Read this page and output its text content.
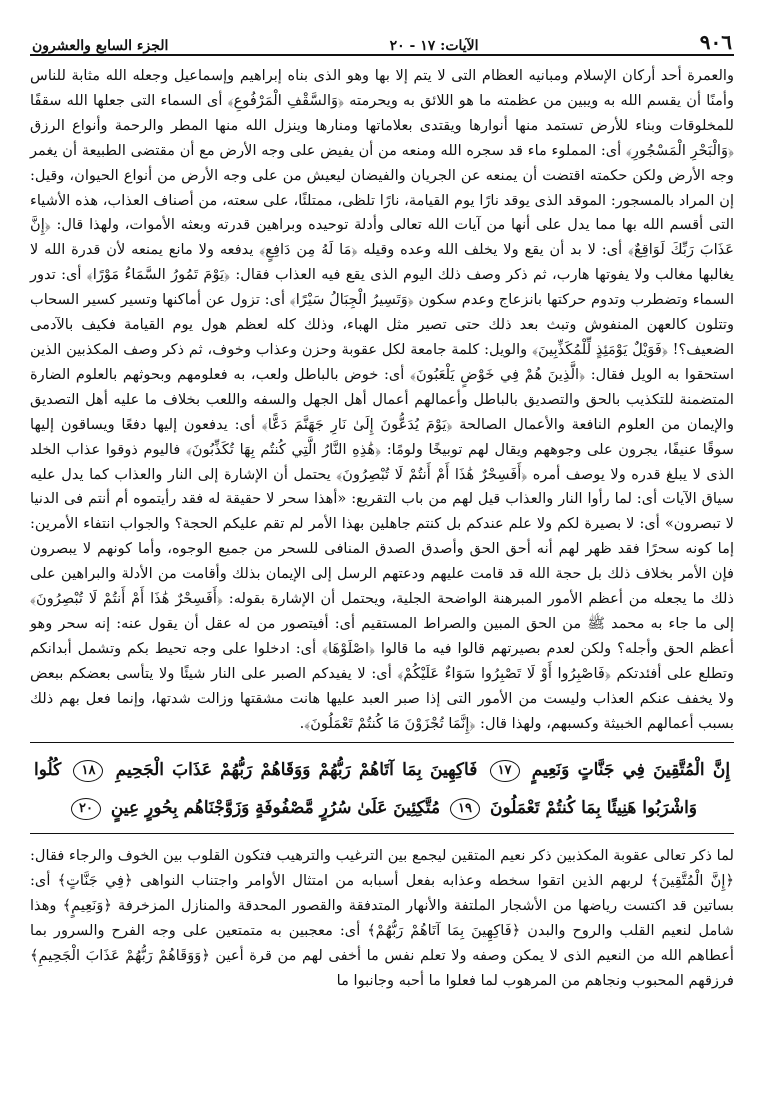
٩٠٦
الآيات: ١٧ - ٢٠
الجزء السابع والعشرون

والعمرة أحد أركان الإسلام ومبانيه العظام التى لا يتم إلا بها وهو الذى بناه إبراهيم وإسماعيل وجعله الله مثابة للناس وأمنًا أن يقسم الله به ويبين من عظمته ما هو اللائق به ويحرمته ﴿وَالسَّقْفِ الْمَرْفُوعِ﴾ أى السماء التى جعلها الله سقفًا للمخلوقات وبناء للأرض تستمد منها أنوارها ويقتدى بعلاماتها ومنارها وينزل الله منها المطر والرحمة وأنواع الرزق ﴿وَالْبَحْرِ الْمَسْجُورِ﴾ أى: المملوء ماء قد سجره الله ومنعه من أن يفيض على وجه الأرض مع أن مقتضى الطبيعة أن يغمر وجه الأرض ولكن حكمته اقتضت أن يمنعه عن الجريان والفيضان ليعيش من على وجه الأرض من أنواع الحيوان، وقيل: إن المراد بالمسجور: الموقد الذى يوقد نارًا يوم القيامة، نارًا تلظى، ممتلئًا، على سعته، من أصناف العذاب، هذه الأشياء التى أقسم الله بها مما يدل على أنها من آيات الله تعالى وأدلة توحيده وبراهين قدرته وبعثه الأموات، ولهذا قال: ﴿إِنَّ عَذَابَ رَبِّكَ لَوَاقِعٌ﴾ أى: لا بد أن يقع ولا يخلف الله وعده وقيله ﴿مَا لَهُ مِن دَافِعٍ﴾ يدفعه ولا مانع يمنعه لأن قدرة الله لا يغالبها مغالب ولا يفوتها هارب، ثم ذكر وصف ذلك اليوم الذى يقع فيه العذاب فقال: ﴿يَوْمَ تَمُورُ السَّمَاءُ مَوْرًا﴾ أى: تدور السماء وتضطرب وتدوم حركتها بانزعاج وعدم سكون ﴿وَتَسِيرُ الْجِبَالُ سَيْرًا﴾ أى: تزول عن أماكنها وتسير كسير السحاب وتتلون كالعهن المنفوش وتبث بعد ذلك حتى تصير مثل الهباء، وذلك كله لعظم هول يوم القيامة فكيف بالآدمى الضعيف؟! ﴿فَوَيْلٌ يَوْمَئِذٍ لِّلْمُكَذِّبِينَ﴾ والويل: كلمة جامعة لكل عقوبة وحزن وعذاب وخوف، ثم ذكر وصف المكذبين الذين استحقوا به الويل فقال: ﴿الَّذِينَ هُمْ فِي خَوْضٍ يَلْعَبُونَ﴾ أى: خوض بالباطل ولعب، به فعلومهم وبحوثهم بالعلوم الضارة المتضمنة للتكذيب بالحق والتصديق بالباطل وأعمالهم أعمال أهل الجهل والسفه واللعب بخلاف ما عليه أهل التصديق والإيمان من العلوم النافعة والأعمال الصالحة ﴿يَوْمَ يُدَعُّونَ إِلَىٰ نَارِ جَهَنَّمَ دَعًّا﴾ أى: يدفعون إليها دفعًا ويساقون إليها سوقًا عنيفًا، يجرون على وجوههم ويقال لهم توبيخًا ولومًا: ﴿هَٰذِهِ النَّارُ الَّتِي كُنتُم بِهَا تُكَذِّبُونَ﴾ فاليوم ذوقوا عذاب الخلد الذى لا يبلغ قدره ولا يوصف أمره ﴿أَفَسِحْرٌ هَٰذَا أَمْ أَنتُمْ لَا تُبْصِرُونَ﴾ يحتمل أن الإشارة إلى النار والعذاب كما يدل عليه سياق الآيات أى: لما رأوا النار والعذاب قيل لهم من باب التقريع: «أهذا سحر لا حقيقة له فقد رأيتموه أم أنتم فى الدنيا لا تبصرون» أى: لا بصيرة لكم ولا علم عندكم بل كنتم جاهلين بهذا الأمر لم تقم عليكم الحجة؟ والجواب انتفاء الأمرين: إما كونه سحرًا فقد ظهر لهم أنه أحق الحق وأصدق الصدق المنافى للسحر من جميع الوجوه، وأما كونهم لا يبصرون فإن الأمر بخلاف ذلك بل حجة الله قد قامت عليهم ودعتهم الرسل إلى الإيمان بذلك وأقامت من الأدلة والبراهين على ذلك ما يجعله من أعظم الأمور المبرهنة الواضحة الجلية، ويحتمل أن الإشارة بقوله: ﴿أَفَسِحْرٌ هَٰذَا أَمْ أَنتُمْ لَا تُبْصِرُونَ﴾ إلى ما جاء به محمد ﷺ من الحق المبين والصراط المستقيم أى: أفيتصور من له عقل أن يقول عنه: إنه سحر وهو أعظم الحق وأجله؟ ولكن لعدم بصيرتهم قالوا فيه ما قالوا ﴿اصْلَوْهَا﴾ أى: ادخلوا على وجه تحيط بكم وتشمل أبدانكم وتطلع على أفئدتكم ﴿فَاصْبِرُوا أَوْ لَا تَصْبِرُوا سَوَاءٌ عَلَيْكُمْ﴾ أى: لا يفيدكم الصبر على النار شيئًا ولا يتأسى بعضكم ببعض ولا يخفف عنكم العذاب وليست من الأمور التى إذا صبر العبد عليها هانت مشقتها وزالت شدتها، وإنما فعل بهم ذلك بسبب أعمالهم الخبيثة وكسبهم، ولهذا قال: ﴿إِنَّمَا تُجْزَوْنَ مَا كُنتُمْ تَعْمَلُونَ﴾.

إِنَّ الْمُتَّقِينَ فِي جَنَّاتٍ وَنَعِيمٍ ١٧ فَاكِهِينَ بِمَا آتَاهُمْ رَبُّهُمْ وَوَقَاهُمْ رَبُّهُمْ عَذَابَ الْجَحِيمِ ١٨ كُلُوا وَاشْرَبُوا هَنِيئًا بِمَا كُنتُمْ تَعْمَلُونَ ١٩ مُتَّكِئِينَ عَلَىٰ سُرُرٍ مَّصْفُوفَةٍ وَزَوَّجْنَاهُم بِحُورٍ عِينٍ ٢٠

لما ذكر تعالى عقوبة المكذبين ذكر نعيم المتقين ليجمع بين الترغيب والترهيب فتكون القلوب بين الخوف والرجاء فقال: ﴿إِنَّ الْمُتَّقِينَ﴾ لربهم الذين اتقوا سخطه وعذابه بفعل أسبابه من امتثال الأوامر واجتناب النواهى ﴿فِي جَنَّاتٍ﴾ أى: بساتين قد اكتست رياضها من الأشجار الملتفة والأنهار المتدفقة والقصور المحدقة والمنازل المزخرفة ﴿وَنَعِيمٍ﴾ وهذا شامل لنعيم القلب والروح والبدن ﴿فَاكِهِينَ بِمَا آتَاهُمْ رَبُّهُمْ﴾ أى: معجبين به متمتعين على وجه الفرح والسرور بما أعطاهم الله من النعيم الذى لا يمكن وصفه ولا تعلم نفس ما أخفى لهم من قرة أعين ﴿وَوَقَاهُمْ رَبُّهُمْ عَذَابَ الْجَحِيمِ﴾ فرزقهم المحبوب ونجاهم من المرهوب لما فعلوا ما أحبه وجانبوا ما
